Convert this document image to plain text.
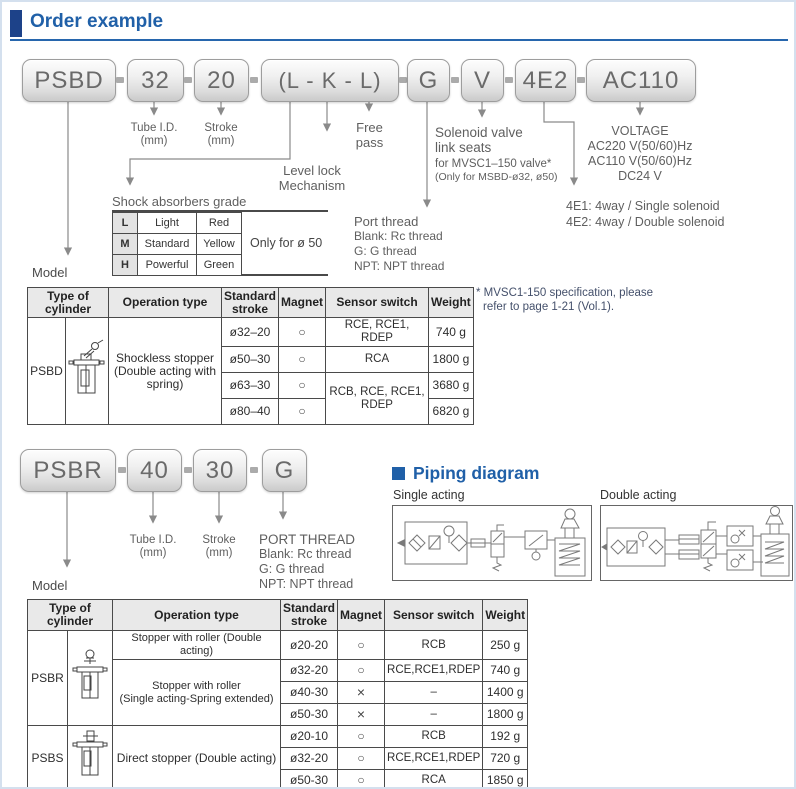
Order example
PSBD	32	20	(L - K - L)	G	V	4E2	AC110
Tube I.D.
(mm)
Stroke
(mm)
Free
pass
Level lock
Mechanism
Shock absorbers grade
L	Light	Red
M	Standard	Yellow
H	Powerful	Green
Only for ø 50
Port thread
Blank: Rc thread
G: G thread
NPT: NPT thread
Solenoid valve
link seats
for MVSC1–150 valve*
(Only for MSBD-ø32, ø50)
VOLTAGE
AC220 V(50/60)Hz
AC110 V(50/60)Hz
DC24 V
4E1: 4way / Single solenoid
4E2: 4way / Double solenoid
Model
* MVSC1-150 specification, please
refer to page 1-21 (Vol.1).
Type of cylinder		Operation type	Standard stroke	Magnet	Sensor switch	Weight
PSBD		Shockless stopper (Double acting with spring)	ø32–20	○	RCE, RCE1, RDEP	740 g
			ø50–30	○	RCA	1800 g
			ø63–30	○	RCB, RCE, RCE1, RDEP	3680 g
			ø80–40	○		6820 g
PSBR	40	30	G
Tube I.D.
(mm)
Stroke
(mm)
PORT THREAD
Blank: Rc thread
G: G thread
NPT: NPT thread
Model
Piping diagram
Single acting	Double acting
Type of cylinder		Operation type	Standard stroke	Magnet	Sensor switch	Weight
PSBR		Stopper with roller (Double acting)	ø20-20	○	RCB	250 g

		Stopper with roller
(Single acting-Spring extended)	ø32-20	○	RCE,RCE1,RDEP	740 g
			ø40-30	×	–	1400 g
			ø50-30	×	–	1800 g
PSBS		Direct stopper (Double acting)	ø20-10	○	RCB	192 g
			ø32-20	○	RCE,RCE1,RDEP	720 g
			ø50-30	○	RCA	1850 g
